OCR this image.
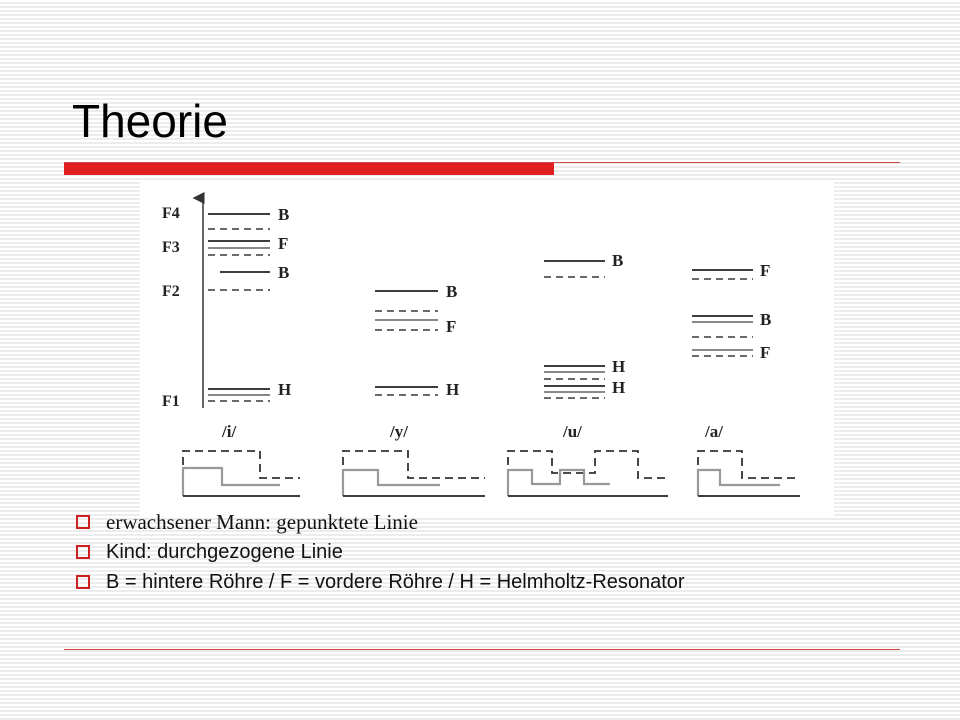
Theorie
F4
F3
F2
F1
B
F
B
H
/i/
B
F
H
/y/
B
H
H
/u/
F
B
F
/a/
erwachsener Mann: gepunktete Linie
Kind: durchgezogene Linie
B = hintere Röhre / F = vordere Röhre / H = Helmholtz-Resonator
